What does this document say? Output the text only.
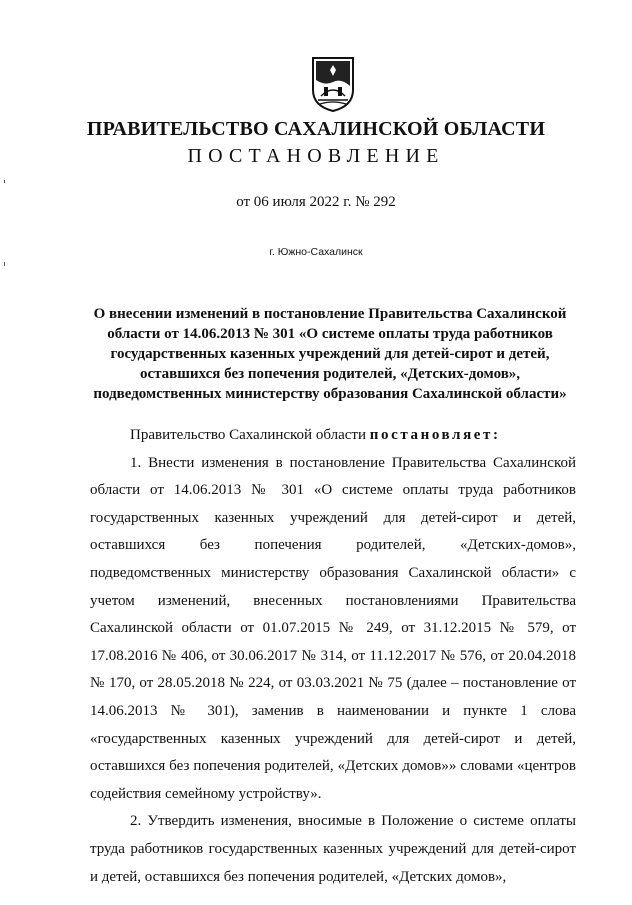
ПРАВИТЕЛЬСТВО САХАЛИНСКОЙ ОБЛАСТИ
ПОСТАНОВЛЕНИЕ
от 06 июля 2022 г. № 292
г. Южно-Сахалинск
О внесении изменений в постановление Правительства Сахалинской области от 14.06.2013 № 301 «О системе оплаты труда работников государственных казенных учреждений для детей-сирот и детей, оставшихся без попечения родителей, «Детских-домов», подведомственных министерству образования Сахалинской области»

Правительство Сахалинской области постановляет:

1. Внести изменения в постановление Правительства Сахалинской области от 14.06.2013 № 301 «О системе оплаты труда работников государственных казенных учреждений для детей-сирот и детей, оставшихся без попечения родителей, «Детских-домов», подведомственных министерству образования Сахалинской области» с учетом изменений, внесенных постановлениями Правительства Сахалинской области от 01.07.2015 № 249, от 31.12.2015 № 579, от 17.08.2016 № 406, от 30.06.2017 № 314, от 11.12.2017 № 576, от 20.04.2018 № 170, от 28.05.2018 № 224, от 03.03.2021 № 75 (далее – постановление от 14.06.2013 № 301), заменив в наименовании и пункте 1 слова «государственных казенных учреждений для детей-сирот и детей, оставшихся без попечения родителей, «Детских домов»» словами «центров содействия семейному устройству».

2. Утвердить изменения, вносимые в Положение о системе оплаты труда работников государственных казенных учреждений для детей-сирот и детей, оставшихся без попечения родителей, «Детских домов»,
